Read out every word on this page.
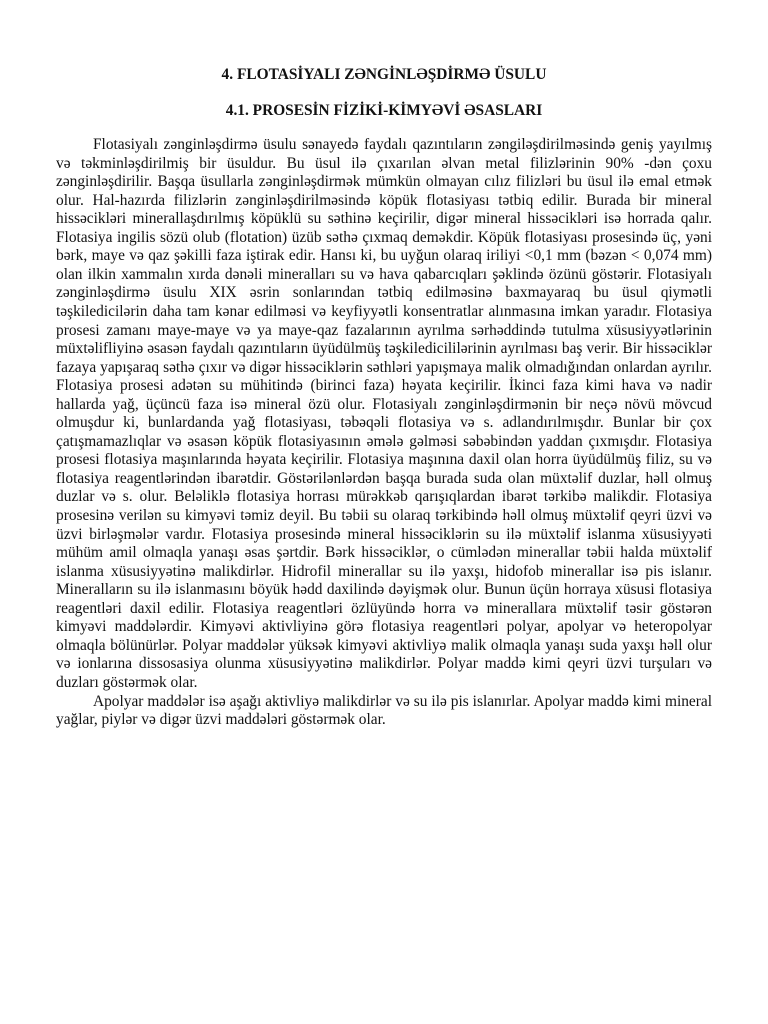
4. FLOTASİYALI ZƏNGİNLƏŞDİRMƏ ÜSULU
4.1. PROSESİN FİZİKİ-KİMYƏVİ ƏSASLARI

Flotasiyalı zənginləşdirmə üsulu sənayedə faydalı qazıntıların zəngiləşdirilməsində geniş yayılmış və təkminləşdirilmiş bir üsuldur. Bu üsul ilə çıxarılan əlvan metal filizlərinin 90% -dən çoxu zənginləşdirilir. Başqa üsullarla zənginləşdirmək mümkün olmayan cılız filizləri bu üsul ilə emal etmək olur. Hal-hazırda filizlərin zənginləşdirilməsində köpük flotasiyası tətbiq edilir. Burada bir mineral hissəcikləri minerallaşdırılmış köpüklü su səthinə keçirilir, digər mineral hissəcikləri isə horrada qalır. Flotasiya ingilis sözü olub (flotation) üzüb səthə çıxmaq deməkdir. Köpük flotasiyası prosesində üç, yəni bərk, maye və qaz şəkilli faza iştirak edir. Hansı ki, bu uyğun olaraq iriliyi <0,1 mm (bəzən < 0,074 mm) olan ilkin xammalın xırda dənəli mineralları su və hava qabarcıqları şəklində özünü göstərir. Flotasiyalı zənginləşdirmə üsulu XIX əsrin sonlarından tətbiq edilməsinə baxmayaraq bu üsul qiymətli təşkiledicilərin daha tam kənar edilməsi və keyfiyyətli konsentratlar alınmasına imkan yaradır. Flotasiya prosesi zamanı maye-maye və ya maye-qaz fazalarının ayrılma sərhəddində tutulma xüsusiyyətlərinin müxtəlifliyinə əsasən faydalı qazıntıların üyüdülmüş təşkiledicililərinin ayrılması baş verir. Bir hissəciklər fazaya yapışaraq səthə çıxır və digər hissəciklərin səthləri yapışmaya malik olmadığından onlardan ayrılır. Flotasiya prosesi adətən su mühitində (birinci faza) həyata keçirilir. İkinci faza kimi hava və nadir hallarda yağ, üçüncü faza isə mineral özü olur. Flotasiyalı zənginləşdirmənin bir neçə növü mövcud olmuşdur ki, bunlardanda yağ flotasiyası, təbəqəli flotasiya və s. adlandırılmışdır. Bunlar bir çox çatışmamazlıqlar və əsasən köpük flotasiyasının əmələ gəlməsi səbəbindən yaddan çıxmışdır. Flotasiya prosesi flotasiya maşınlarında həyata keçirilir. Flotasiya maşınına daxil olan horra üyüdülmüş filiz, su və flotasiya reagentlərindən ibarətdir. Göstərilənlərdən başqa burada suda olan müxtəlif duzlar, həll olmuş duzlar və s. olur. Beləliklə flotasiya horrası mürəkkəb qarışıqlardan ibarət tərkibə malikdir. Flotasiya prosesinə verilən su kimyəvi təmiz deyil. Bu təbii su olaraq tərkibində həll olmuş müxtəlif qeyri üzvi və üzvi birləşmələr vardır. Flotasiya prosesində mineral hissəciklərin su ilə müxtəlif islanma xüsusiyyəti mühüm amil olmaqla yanaşı əsas şərtdir. Bərk hissəciklər, o cümlədən minerallar təbii halda müxtəlif islanma xüsusiyyətinə malikdirlər. Hidrofil minerallar su ilə yaxşı, hidofob minerallar isə pis islanır. Mineralların su ilə islanmasını böyük hədd daxilində dəyişmək olur. Bunun üçün horraya xüsusi flotasiya reagentləri daxil edilir. Flotasiya reagentləri özlüyündə horra və minerallara müxtəlif təsir göstərən kimyəvi maddələrdir. Kimyəvi aktivliyinə görə flotasiya reagentləri polyar, apolyar və heteropolyar olmaqla bölünürlər. Polyar maddələr yüksək kimyəvi aktivliyə malik olmaqla yanaşı suda yaxşı həll olur və ionlarına dissosasiya olunma xüsusiyyətinə malikdirlər. Polyar maddə kimi qeyri üzvi turşuları və duzları göstərmək olar.

Apolyar maddələr isə aşağı aktivliyə malikdirlər və su ilə pis islanırlar. Apolyar maddə kimi mineral yağlar, piylər və digər üzvi maddələri göstərmək olar.
